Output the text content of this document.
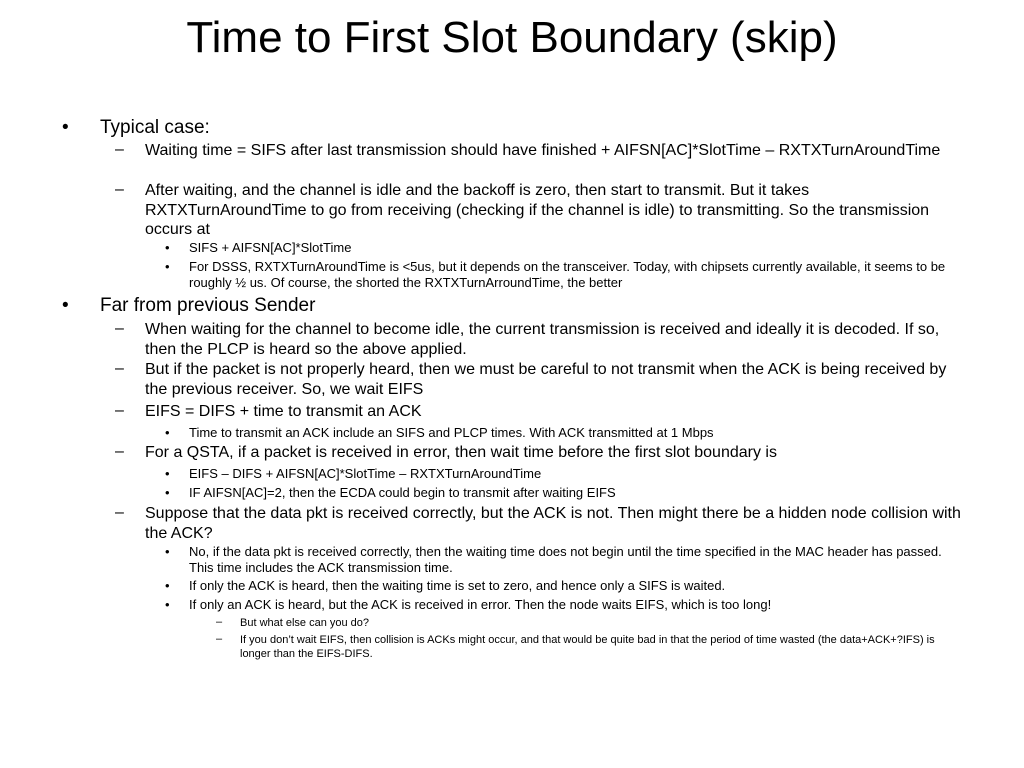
Time to First Slot Boundary (skip)
• Typical case:
– Waiting time = SIFS after last transmission should have finished + AIFSN[AC]*SlotTime – RXTXTurnAroundTime
– After waiting, and the channel is idle and the backoff is zero, then start to transmit. But it takes RXTXTurnAroundTime to go from receiving (checking if the channel is idle) to transmitting. So the transmission occurs at
• SIFS + AIFSN[AC]*SlotTime
• For DSSS, RXTXTurnAroundTime is <5us, but it depends on the transceiver. Today, with chipsets currently available, it seems to be roughly ½ us. Of course, the shorted the RXTXTurnArroundTime, the better
• Far from previous Sender
– When waiting for the channel to become idle, the current transmission is received and ideally it is decoded. If so, then the PLCP is heard so the above applied.
– But if the packet is not properly heard, then we must be careful to not transmit when the ACK is being received by the previous receiver. So, we wait EIFS
– EIFS = DIFS + time to transmit an ACK
• Time to transmit an ACK include an SIFS and PLCP times. With ACK transmitted at 1 Mbps
– For a QSTA, if a packet is received in error, then wait time before the first slot boundary is
• EIFS – DIFS + AIFSN[AC]*SlotTime – RXTXTurnAroundTime
• IF AIFSN[AC]=2, then the ECDA could begin to transmit after waiting EIFS
– Suppose that the data pkt is received correctly, but the ACK is not. Then might there be a hidden node collision with the ACK?
• No, if the data pkt is received correctly, then the waiting time does not begin until the time specified in the MAC header has passed. This time includes the ACK transmission time.
• If only the ACK is heard, then the waiting time is set to zero, and hence only a SIFS is waited.
• If only an ACK is heard, but the ACK is received in error. Then the node waits EIFS, which is too long!
– But what else can you do?
– If you don’t wait EIFS, then collision is ACKs might occur, and that would be quite bad in that the period of time wasted (the data+ACK+?IFS) is longer than the EIFS-DIFS.
